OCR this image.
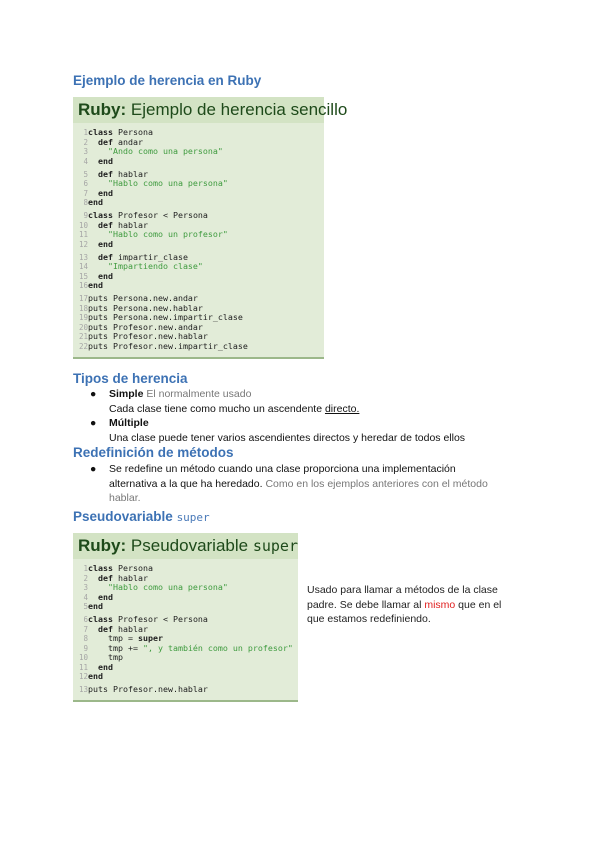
Ejemplo de herencia en Ruby
Ruby: Ejemplo de herencia sencillo
1class Persona
2  def andar
3    "Ando como una persona"
4  end
5  def hablar
6    "Hablo como una persona"
7  end
8end
9class Profesor < Persona
10  def hablar
11    "Hablo como un profesor"
12  end
13  def impartir_clase
14    "Impartiendo clase"
15  end
16end
17puts Persona.new.andar
18puts Persona.new.hablar
19puts Persona.new.impartir_clase
20puts Profesor.new.andar
21puts Profesor.new.hablar
22puts Profesor.new.impartir_clase
Tipos de herencia
●	Simple El normalmente usado
Cada clase tiene como mucho un ascendente directo.
●	Múltiple
Una clase puede tener varios ascendientes directos y heredar de todos ellos
Redefinición de métodos
●	Se redefine un método cuando una clase proporciona una implementación
alternativa a la que ha heredado. Como en los ejemplos anteriores con el método
hablar.
Pseudovariable super
Ruby: Pseudovariable super
1class Persona
2  def hablar
3    "Hablo como una persona"
4  end
5end
6class Profesor < Persona
7  def hablar
8    tmp = super
9    tmp += ", y también como un profesor"
10    tmp
11  end
12end
13puts Profesor.new.hablar
Usado para llamar a métodos de la clase
padre. Se debe llamar al mismo que en el
que estamos redefiniendo.
